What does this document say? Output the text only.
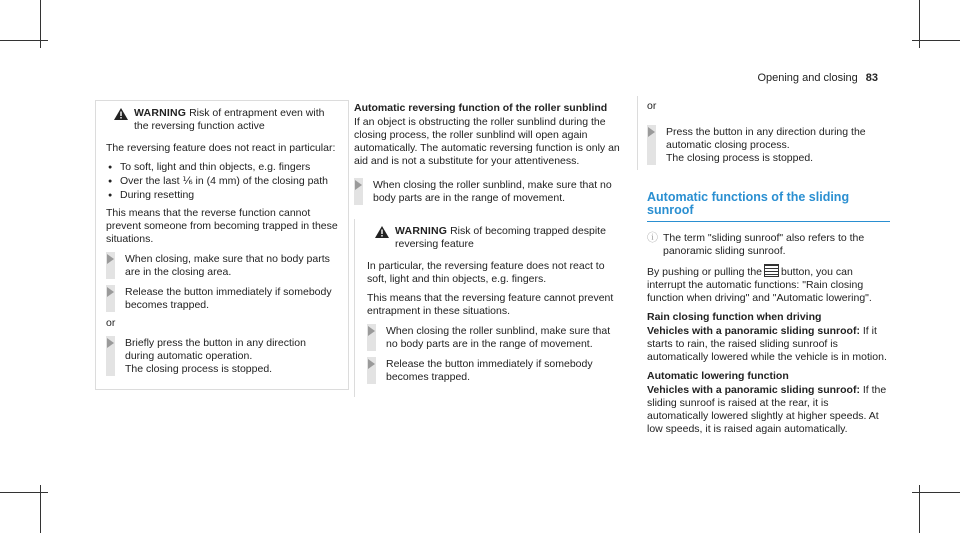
Opening and closing 83
WARNING Risk of entrapment even with the reversing function active

The reversing feature does not react in particular:

● To soft, light and thin objects, e.g. fingers
● Over the last ⅙ in (4 mm) of the closing path
● During resetting

This means that the reverse function cannot prevent someone from becoming trapped in these situations.

When closing, make sure that no body parts are in the closing area.
Release the button immediately if somebody becomes trapped.

or

Briefly press the button in any direction during automatic operation.
The closing process is stopped.
Automatic reversing function of the roller sunblind

If an object is obstructing the roller sunblind during the closing process, the roller sunblind will open again automatically. The automatic reversing function is only an aid and is not a substitute for your attentiveness.

When closing the roller sunblind, make sure that no body parts are in the range of movement.
WARNING Risk of becoming trapped despite reversing feature

In particular, the reversing feature does not react to soft, light and thin objects, e.g. fingers.

This means that the reversing feature cannot prevent entrapment in these situations.

When closing the roller sunblind, make sure that no body parts are in the range of movement.
Release the button immediately if somebody becomes trapped.

or

Press the button in any direction during the automatic closing process.
The closing process is stopped.
Automatic functions of the sliding sunroof
ⓘ The term "sliding sunroof" also refers to the panoramic sliding sunroof.

By pushing or pulling the button, you can interrupt the automatic functions: "Rain closing function when driving" and "Automatic lowering".

Rain closing function when driving

Vehicles with a panoramic sliding sunroof: If it starts to rain, the raised sliding sunroof is automatically lowered while the vehicle is in motion.

Automatic lowering function

Vehicles with a panoramic sliding sunroof: If the sliding sunroof is raised at the rear, it is automatically lowered slightly at higher speeds. At low speeds, it is raised again automatically.
